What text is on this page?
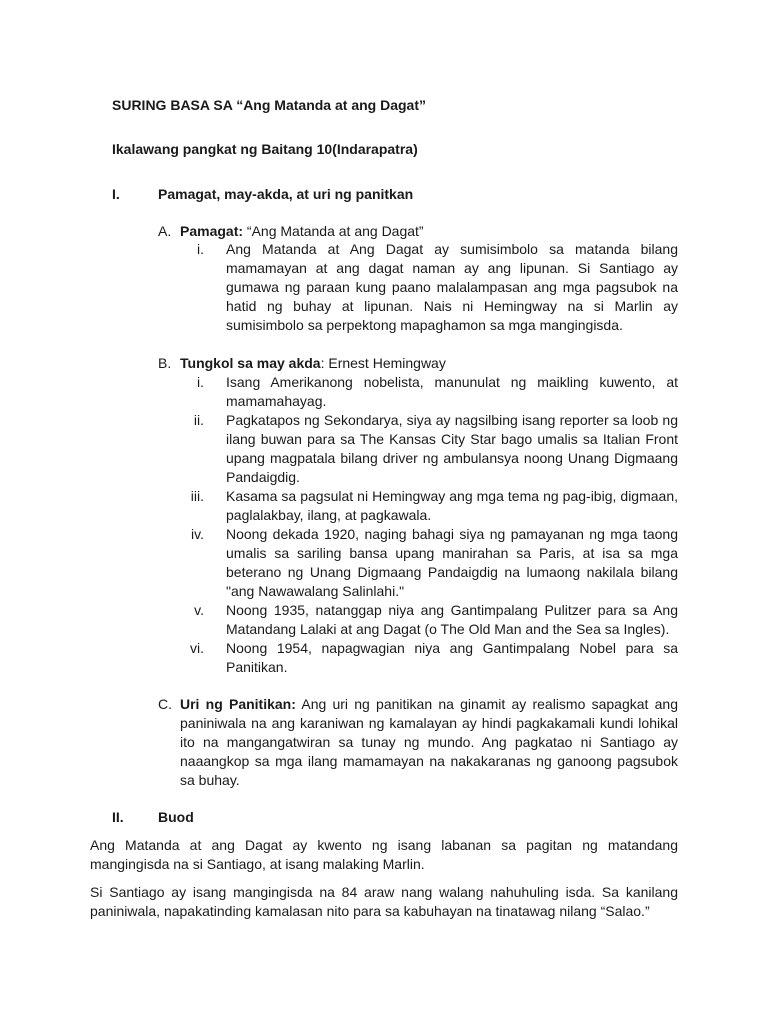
SURING BASA SA “Ang Matanda at ang Dagat”
Ikalawang pangkat ng Baitang 10(Indarapatra)
I.	Pamagat, may-akda, at uri ng panitkan
A. Pamagat: “Ang Matanda at ang Dagat”
i. Ang Matanda at Ang Dagat ay sumisimbolo sa matanda bilang mamamayan at ang dagat naman ay ang lipunan. Si Santiago ay gumawa ng paraan kung paano malalampasan ang mga pagsubok na hatid ng buhay at lipunan. Nais ni Hemingway na si Marlin ay sumisimbolo sa perpektong mapaghamon sa mga mangingisda.
B. Tungkol sa may akda: Ernest Hemingway
i. Isang Amerikanong nobelista, manunulat ng maikling kuwento, at mamamahayag.
ii. Pagkatapos ng Sekondarya, siya ay nagsilbing isang reporter sa loob ng ilang buwan para sa The Kansas City Star bago umalis sa Italian Front upang magpatala bilang driver ng ambulansya noong Unang Digmaang Pandaigdig.
iii. Kasama sa pagsulat ni Hemingway ang mga tema ng pag-ibig, digmaan, paglalakbay, ilang, at pagkawala.
iv. Noong dekada 1920, naging bahagi siya ng pamayanan ng mga taong umalis sa sariling bansa upang manirahan sa Paris, at isa sa mga beterano ng Unang Digmaang Pandaigdig na lumaong nakilala bilang "ang Nawawalang Salinlahi."
v. Noong 1935, natanggap niya ang Gantimpalang Pulitzer para sa Ang Matandang Lalaki at ang Dagat (o The Old Man and the Sea sa Ingles).
vi. Noong 1954, napagwagian niya ang Gantimpalang Nobel para sa Panitikan.
C. Uri ng Panitikan: Ang uri ng panitikan na ginamit ay realismo sapagkat ang paniniwala na ang karaniwan ng kamalayan ay hindi pagkakamali kundi lohikal ito na mangangatwiran sa tunay ng mundo. Ang pagkatao ni Santiago ay naaangkop sa mga ilang mamamayan na nakakaranas ng ganoong pagsubok sa buhay.
II. Buod
Ang Matanda at ang Dagat ay kwento ng isang labanan sa pagitan ng matandang mangingisda na si Santiago, at isang malaking Marlin.
Si Santiago ay isang mangingisda na 84 araw nang walang nahuhuling isda. Sa kanilang paniniwala, napakatinding kamalasan nito para sa kabuhayan na tinatawag nilang “Salao.”
